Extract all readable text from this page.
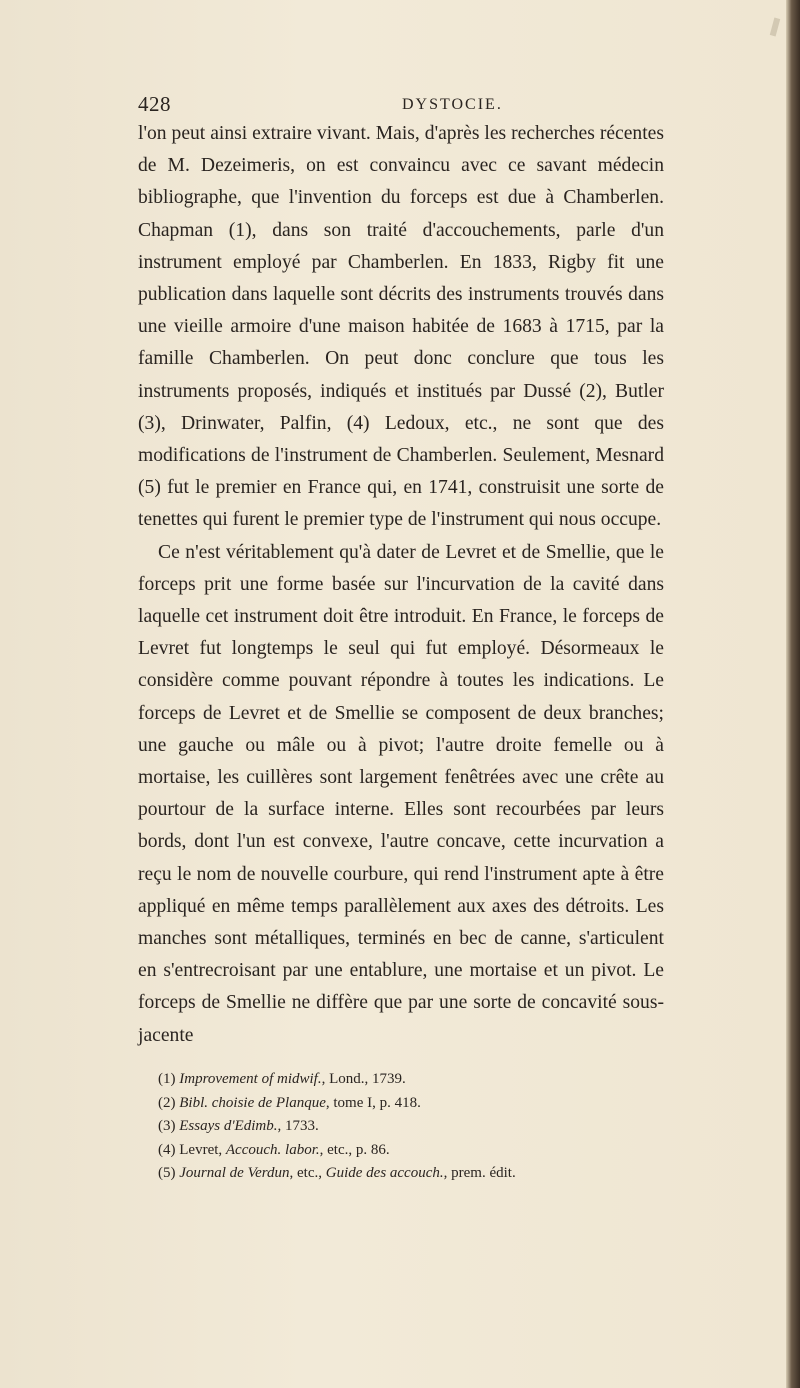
428	DYSTOCIE.

l'on peut ainsi extraire vivant. Mais, d'après les recherches récentes de M. Dezeimeris, on est convaincu avec ce savant médecin bibliographe, que l'invention du forceps est due à Chamberlen. Chapman (1), dans son traité d'accouchements, parle d'un instrument employé par Chamberlen. En 1833, Rigby fit une publication dans laquelle sont décrits des instruments trouvés dans une vieille armoire d'une maison habitée de 1683 à 1715, par la famille Chamberlen. On peut donc conclure que tous les instruments proposés, indiqués et institués par Dussé (2), Butler (3), Drinwater, Palfin, (4) Ledoux, etc., ne sont que des modifications de l'instrument de Chamberlen. Seulement, Mesnard (5) fut le premier en France qui, en 1741, construisit une sorte de tenettes qui furent le premier type de l'instrument qui nous occupe.

Ce n'est véritablement qu'à dater de Levret et de Smellie, que le forceps prit une forme basée sur l'incurvation de la cavité dans laquelle cet instrument doit être introduit. En France, le forceps de Levret fut longtemps le seul qui fut employé. Désormeaux le considère comme pouvant répondre à toutes les indications. Le forceps de Levret et de Smellie se composent de deux branches; une gauche ou mâle ou à pivot; l'autre droite femelle ou à mortaise, les cuillères sont largement fenêtrées avec une crête au pourtour de la surface interne. Elles sont recourbées par leurs bords, dont l'un est convexe, l'autre concave, cette incurvation a reçu le nom de nouvelle courbure, qui rend l'instrument apte à être appliqué en même temps parallèlement aux axes des détroits. Les manches sont métalliques, terminés en bec de canne, s'articulent en s'entrecroisant par une entablure, une mortaise et un pivot. Le forceps de Smellie ne diffère que par une sorte de concavité sous-jacente

(1) Improvement of midwif., Lond., 1739.
(2) Bibl. choisie de Planque, tome I, p. 418.
(3) Essays d'Edimb., 1733.
(4) Levret, Accouch. labor., etc., p. 86.
(5) Journal de Verdun, etc., Guide des accouch., prem. édit.
